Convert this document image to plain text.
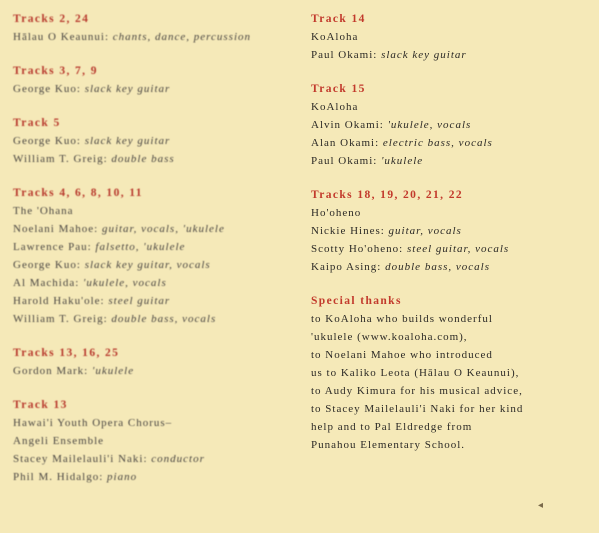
Tracks 2, 24
Hālau O Keaunui: chants, dance, percussion
Tracks 3, 7, 9
George Kuo: slack key guitar
Track 5
George Kuo: slack key guitar
William T. Greig: double bass
Tracks 4, 6, 8, 10, 11
The 'Ohana
Noelani Mahoe: guitar, vocals, 'ukulele
Lawrence Pau: falsetto, 'ukulele
George Kuo: slack key guitar, vocals
Al Machida: 'ukulele, vocals
Harold Haku'ole: steel guitar
William T. Greig: double bass, vocals
Tracks 13, 16, 25
Gordon Mark: 'ukulele
Track 13
Hawai'i Youth Opera Chorus–
Angeli Ensemble
Stacey Mailelauli'i Naki: conductor
Phil M. Hidalgo: piano
Track 14
KoAloha
Paul Okami: slack key guitar
Track 15
KoAloha
Alvin Okami: 'ukulele, vocals
Alan Okami: electric bass, vocals
Paul Okami: 'ukulele
Tracks 18, 19, 20, 21, 22
Ho'oheno
Nickie Hines: guitar, vocals
Scotty Ho'oheno: steel guitar, vocals
Kaipo Asing: double bass, vocals
Special thanks
to KoAloha who builds wonderful
'ukulele (www.koaloha.com),
to Noelani Mahoe who introduced
us to Kaliko Leota (Hālau O Keaunui),
to Audy Kimura for his musical advice,
to Stacey Mailelauli'i Naki for her kind
help and to Pal Eldredge from
Punahou Elementary School.
◂
